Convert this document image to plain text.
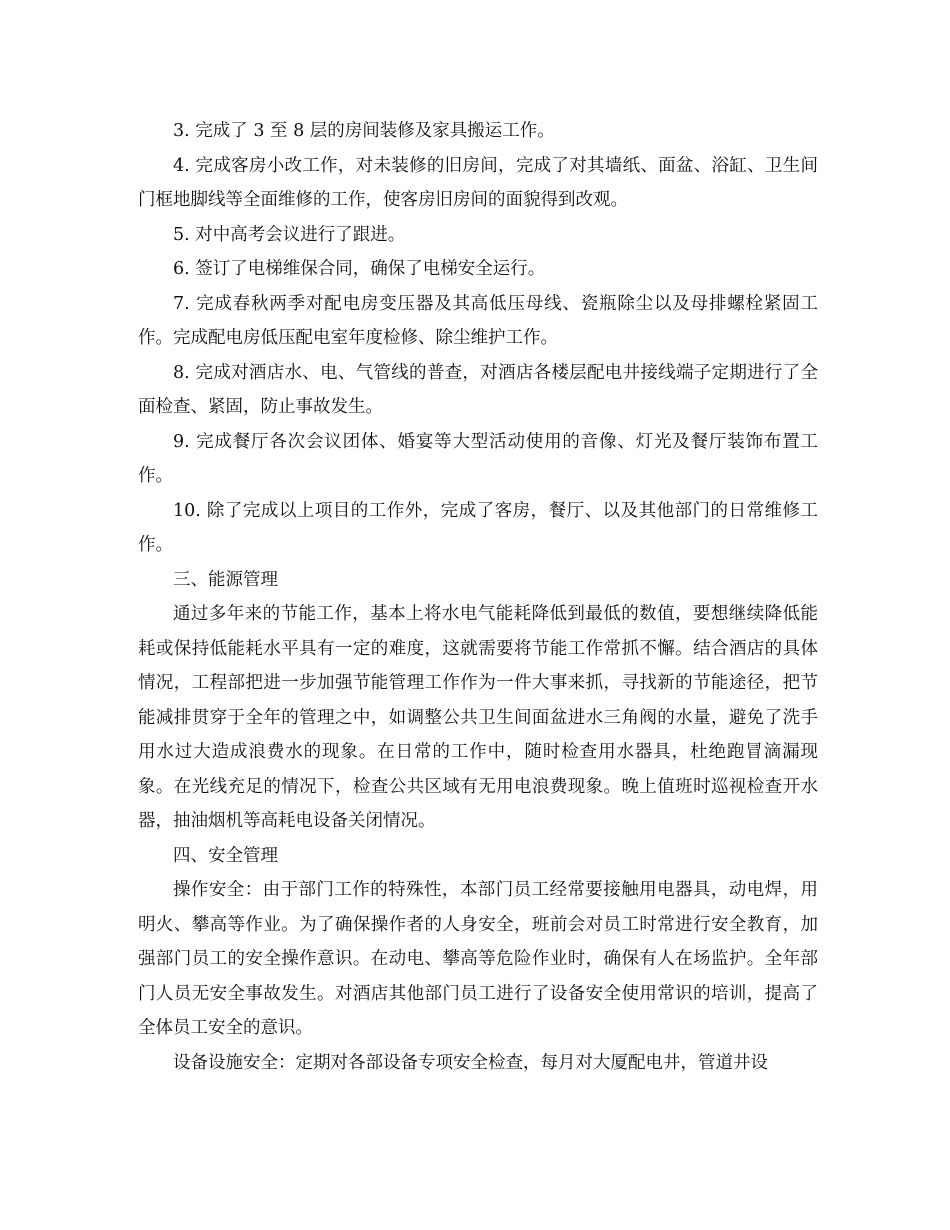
3. 完成了 3 至 8 层的房间装修及家具搬运工作。

4. 完成客房小改工作，对未装修的旧房间，完成了对其墙纸、面盆、浴缸、卫生间门框地脚线等全面维修的工作，使客房旧房间的面貌得到改观。

5. 对中高考会议进行了跟进。

6. 签订了电梯维保合同，确保了电梯安全运行。

7. 完成春秋两季对配电房变压器及其高低压母线、瓷瓶除尘以及母排螺栓紧固工作。完成配电房低压配电室年度检修、除尘维护工作。

8. 完成对酒店水、电、气管线的普查，对酒店各楼层配电井接线端子定期进行了全面检查、紧固，防止事故发生。

9. 完成餐厅各次会议团体、婚宴等大型活动使用的音像、灯光及餐厅装饰布置工作。

10. 除了完成以上项目的工作外，完成了客房，餐厅、以及其他部门的日常维修工作。

三、能源管理

通过多年来的节能工作，基本上将水电气能耗降低到最低的数值，要想继续降低能耗或保持低能耗水平具有一定的难度，这就需要将节能工作常抓不懈。结合酒店的具体情况，工程部把进一步加强节能管理工作作为一件大事来抓，寻找新的节能途径，把节能减排贯穿于全年的管理之中，如调整公共卫生间面盆进水三角阀的水量，避免了洗手用水过大造成浪费水的现象。在日常的工作中，随时检查用水器具，杜绝跑冒滴漏现象。在光线充足的情况下，检查公共区域有无用电浪费现象。晚上值班时巡视检查开水器，抽油烟机等高耗电设备关闭情况。

四、安全管理

操作安全：由于部门工作的特殊性，本部门员工经常要接触用电器具，动电焊，用明火、攀高等作业。为了确保操作者的人身安全，班前会对员工时常进行安全教育，加强部门员工的安全操作意识。在动电、攀高等危险作业时，确保有人在场监护。全年部门人员无安全事故发生。对酒店其他部门员工进行了设备安全使用常识的培训，提高了全体员工安全的意识。

设备设施安全：定期对各部设备专项安全检查，每月对大厦配电井，管道井设
